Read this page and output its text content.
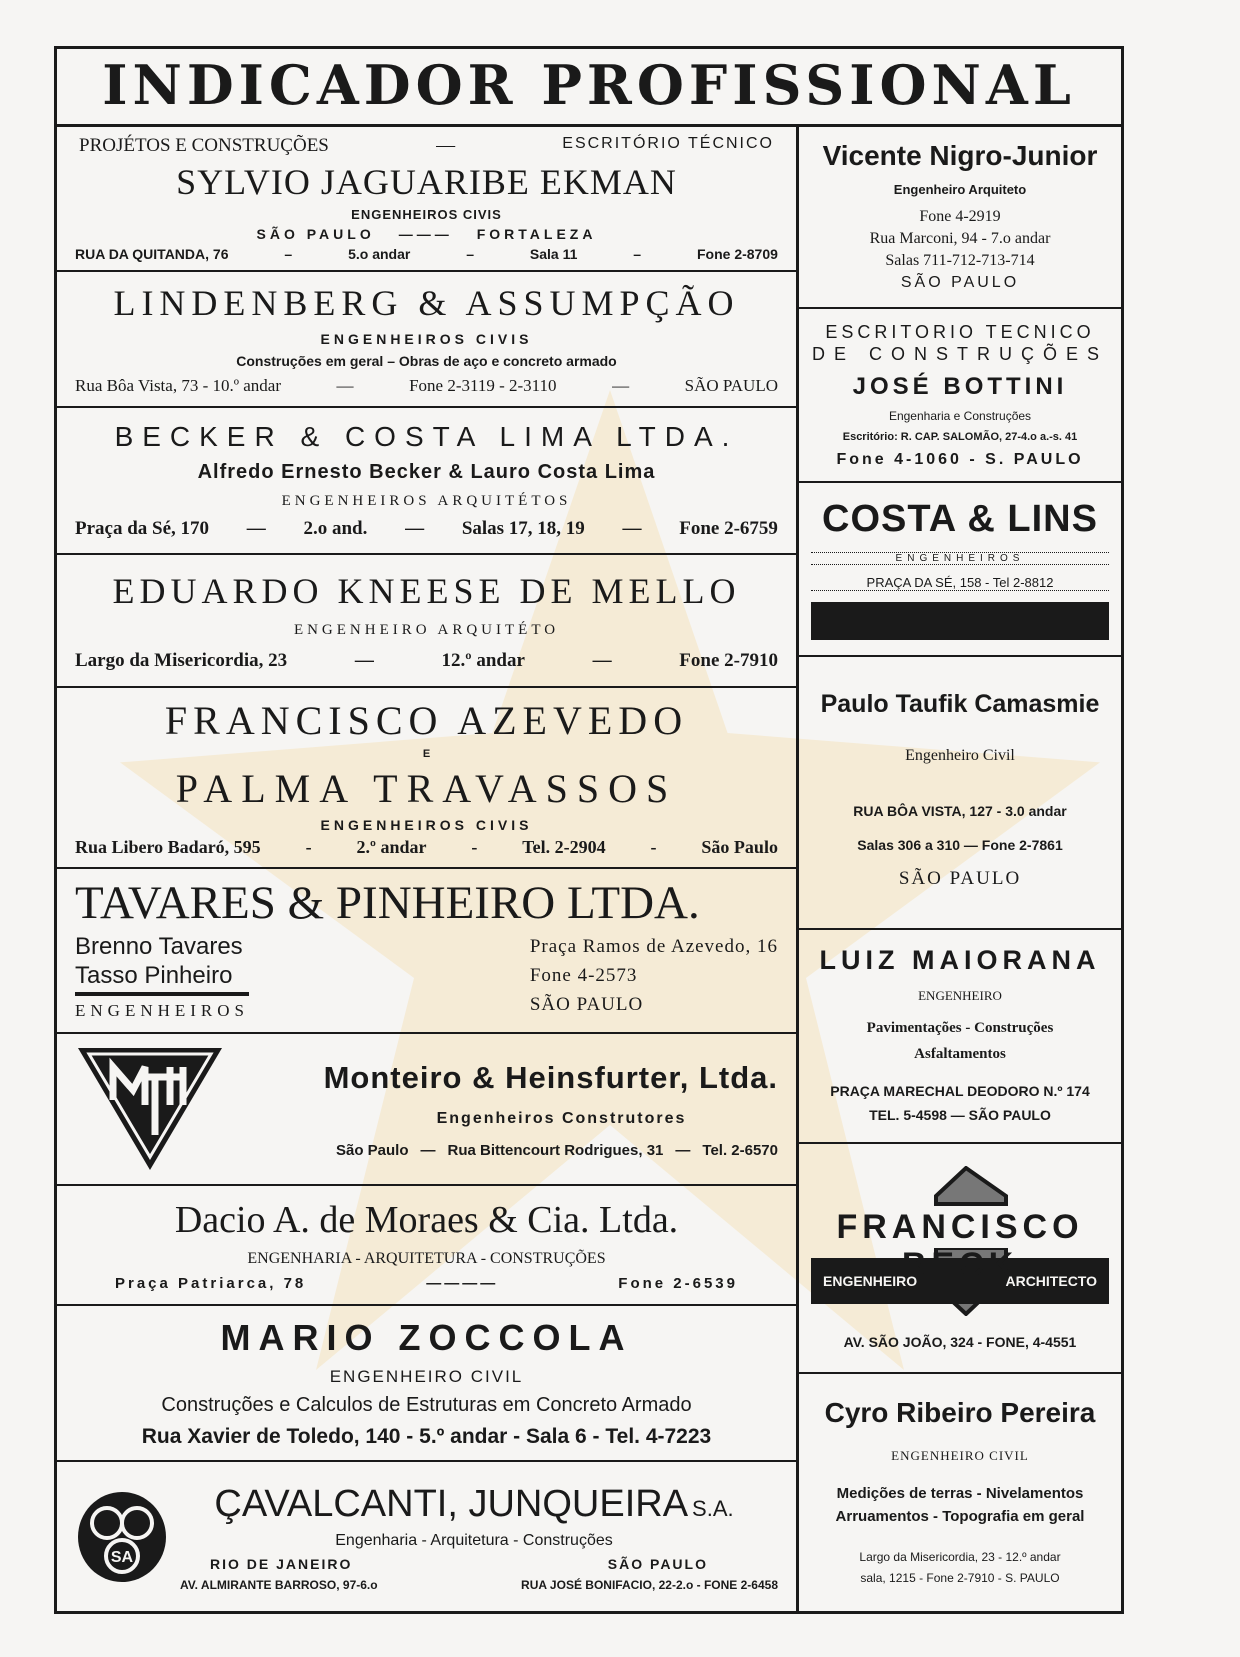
INDICADOR PROFISSIONAL
PROJÉTOS E CONSTRUÇÕES	—	ESCRITÓRIO TÉCNICO
SYLVIO JAGUARIBE EKMAN
ENGENHEIROS CIVIS
SÃO PAULO ——— FORTALEZA
RUA DA QUITANDA, 76	–	5.o andar	–	Sala 11	–	Fone 2-8709
LINDENBERG & ASSUMPÇÃO
ENGENHEIROS CIVIS
Construções em geral – Obras de aço e concreto armado
Rua Bôa Vista, 73 - 10.º andar	—	Fone 2-3119 - 2-3110	—	SÃO PAULO
BECKER & COSTA LIMA LTDA.
Alfredo Ernesto Becker & Lauro Costa Lima
ENGENHEIROS ARQUITÉTOS
Praça da Sé, 170 — 2.o and. — Salas 17, 18, 19 — Fone 2-6759
EDUARDO KNEESE DE MELLO
ENGENHEIRO ARQUITÉTO
Largo da Misericordia, 23	—	12.º andar	—	Fone 2-7910
FRANCISCO AZEVEDO
E
PALMA TRAVASSOS
ENGENHEIROS CIVIS
Rua Libero Badaró, 595 - 2.º andar - Tel. 2-2904 - São Paulo
TAVARES & PINHEIRO LTDA.
Brenno Tavares
Tasso Pinheiro
ENGENHEIROS
Praça Ramos de Azevedo, 16
Fone 4-2573
SÃO PAULO
Monteiro & Heinsfurter, Ltda.
Engenheiros Construtores
São Paulo — Rua Bittencourt Rodrigues, 31 — Tel. 2-6570
Dacio A. de Moraes & Cia. Ltda.
ENGENHARIA - ARQUITETURA - CONSTRUÇÕES
Praça Patriarca, 78	————	Fone 2-6539
MARIO ZOCCOLA
ENGENHEIRO CIVIL
Construções e Calculos de Estruturas em Concreto Armado
Rua Xavier de Toledo, 140 - 5.º andar - Sala 6 - Tel. 4-7223
SA
ÇAVALCANTI, JUNQUEIRA S.A.
Engenharia - Arquitetura - Construções
RIO DE JANEIRO	SÃO PAULO
AV. ALMIRANTE BARROSO, 97-6.o	RUA JOSÉ BONIFACIO, 22-2.o - FONE 2-6458
Vicente Nigro-Junior
Engenheiro Arquiteto
Fone 4-2919
Rua Marconi, 94 - 7.o andar
Salas 711-712-713-714
SÃO PAULO
ESCRITORIO TECNICO
DE CONSTRUÇÕES
JOSÉ BOTTINI
Engenharia e Construções
Escritório: R. CAP. SALOMÃO, 27-4.o a.-s. 41
Fone 4-1060 - S. PAULO
COSTA & LINS
ENGENHEIROS
PRAÇA DA SÉ, 158 - Tel 2-8812
Paulo Taufik Camasmie
Engenheiro Civil
RUA BÔA VISTA, 127 - 3.0 andar
Salas 306 a 310 — Fone 2-7861
SÃO PAULO
LUIZ MAIORANA
ENGENHEIRO
Pavimentações - Construções
Asfaltamentos
PRAÇA MARECHAL DEODORO N.º 174
TEL. 5-4598 — SÃO PAULO
ENGENHEIRO	ARCHITECTO
FRANCISCO BECK
AV. SÃO JOÃO, 324 - FONE, 4-4551
Cyro Ribeiro Pereira
ENGENHEIRO CIVIL
Medições de terras - Nivelamentos
Arruamentos - Topografia em geral
Largo da Misericordia, 23 - 12.º andar
sala, 1215 - Fone 2-7910 - S. PAULO
